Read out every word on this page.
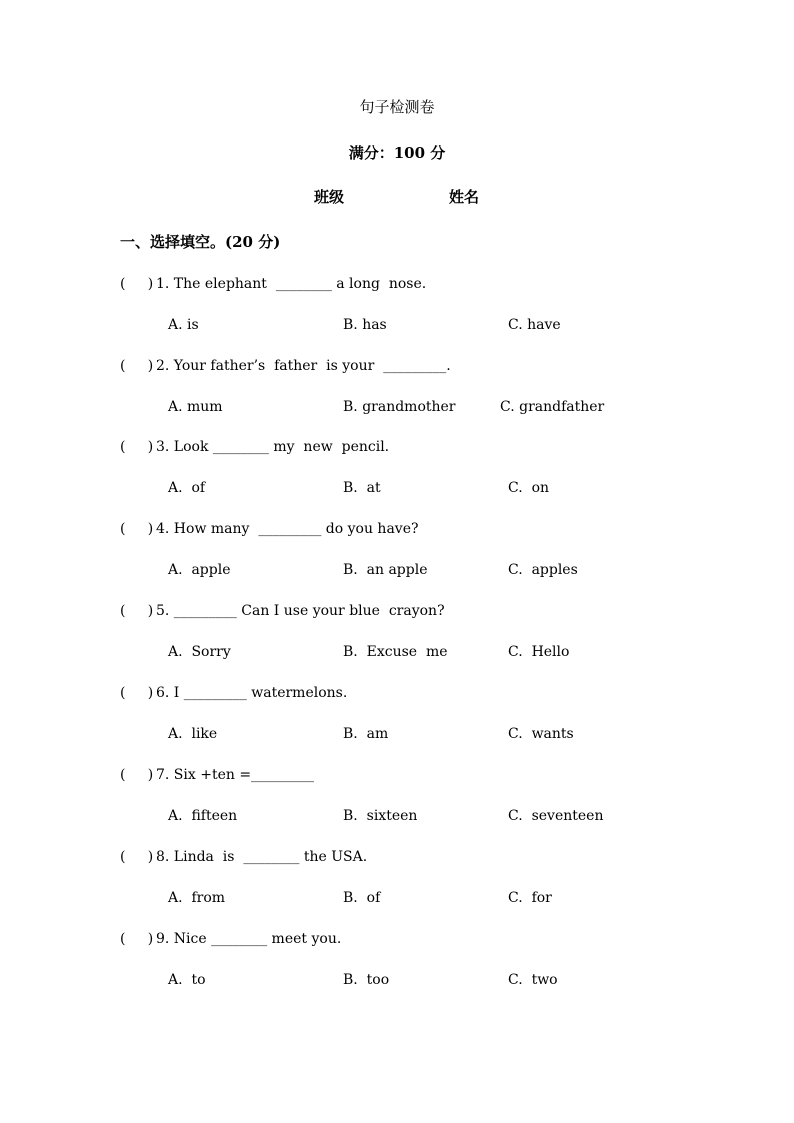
句子检测卷
满分：100 分
班级	姓名
一、选择填空。(20 分)
(     ) 1. The elephant  ________ a long  nose.
A. is	B. has	C. have
(     ) 2. Your father’s  father  is your  _________.
A. mum	B. grandmother	C. grandfather
(     ) 3. Look ________ my  new  pencil.
A.  of	B.  at	C.  on
(     ) 4. How many  _________ do you have?
A.  apple	B.  an apple	C.  apples
(     ) 5. _________ Can I use your blue  crayon?
A.  Sorry	B.  Excuse  me	C.  Hello
(     ) 6. I _________ watermelons.
A.  like	B.  am	C.  wants
(     ) 7. Six +ten =_________
A.  fifteen	B.  sixteen	C.  seventeen
(     ) 8. Linda  is  ________ the USA.
A.  from	B.  of	C.  for
(     ) 9. Nice ________ meet you.
A.  to	B.  too	C.  two
